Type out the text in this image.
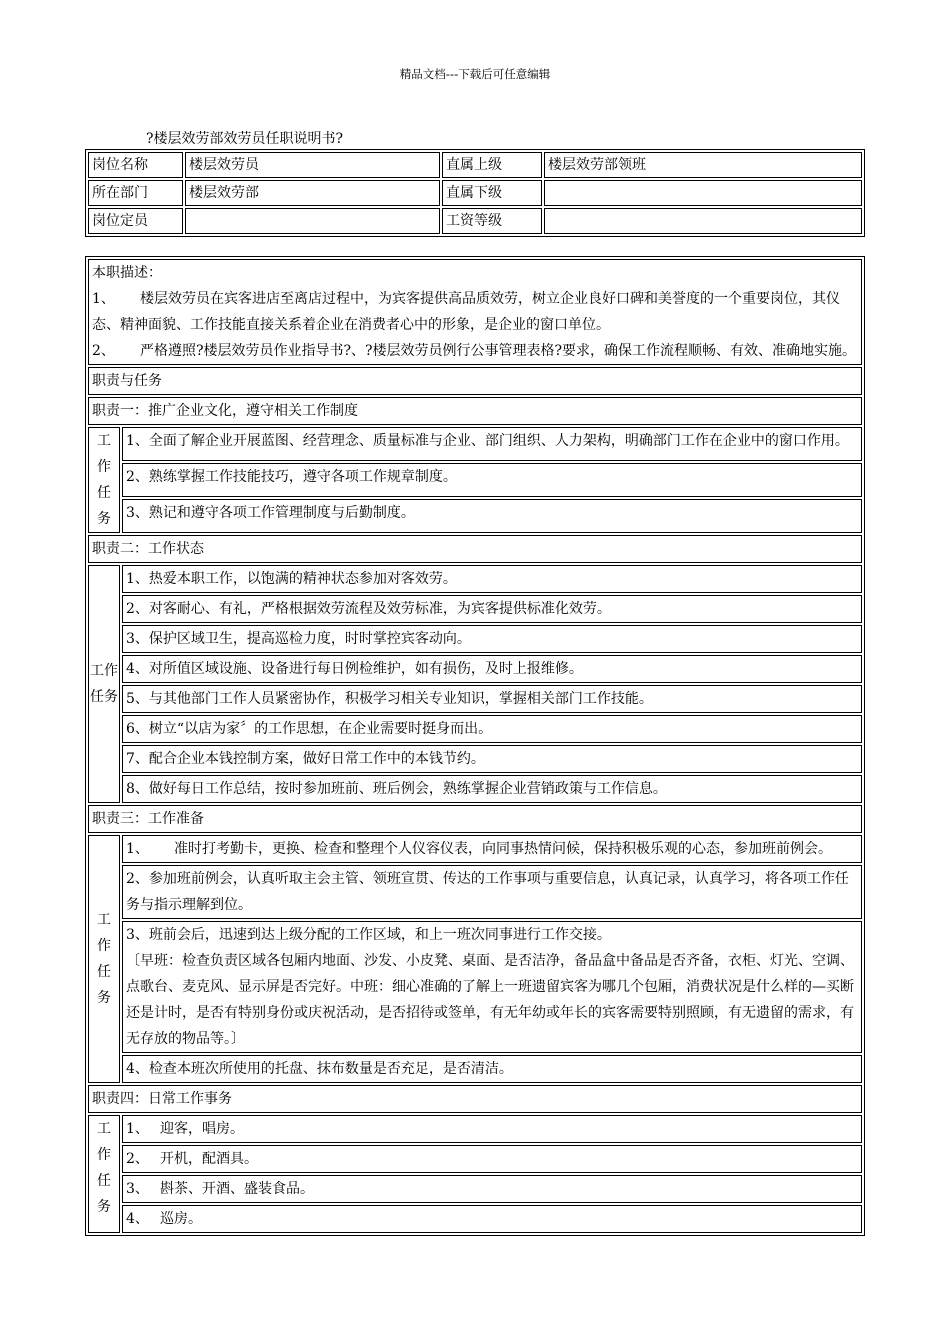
精品文档---下载后可任意编辑
?楼层效劳部效劳员任职说明书?
岗位名称	楼层效劳员	直属上级	楼层效劳部领班
所在部门	楼层效劳部	直属下级	
岗位定员		工资等级	
本职描述：
1、 楼层效劳员在宾客进店至离店过程中，为宾客提供高品质效劳，树立企业良好口碑和美誉度的一个重要岗位，其仪态、精神面貌、工作技能直接关系着企业在消费者心中的形象，是企业的窗口单位。
2、 严格遵照?楼层效劳员作业指导书?、?楼层效劳员例行公事管理表格?要求，确保工作流程顺畅、有效、准确地实施。	

职责与任务	
职责一：推广企业文化，遵守相关工作制度	

工作任务	1、全面了解企业开展蓝图、经营理念、质量标准与企业、部门组织、人力架构，明确部门工作在企业中的窗口作用。
	2、熟练掌握工作技能技巧，遵守各项工作规章制度。
	3、熟记和遵守各项工作管理制度与后勤制度。
职责二：工作状态	

工作任务	1、热爱本职工作，以饱满的精神状态参加对客效劳。
	2、对客耐心、有礼，严格根据效劳流程及效劳标准，为宾客提供标准化效劳。
	3、保护区域卫生，提高巡检力度，时时掌控宾客动向。
	4、对所值区域设施、设备进行每日例检维护，如有损伤，及时上报维修。
	5、与其他部门工作人员紧密协作，积极学习相关专业知识，掌握相关部门工作技能。
	6、树立“以店为家〞的工作思想，在企业需要时挺身而出。
	7、配合企业本钱控制方案，做好日常工作中的本钱节约。
	8、做好每日工作总结，按时参加班前、班后例会，熟练掌握企业营销政策与工作信息。
职责三：工作准备	

工作任务	1、 准时打考勤卡，更换、检查和整理个人仪容仪表，向同事热情问候，保持积极乐观的心态，参加班前例会。
	2、参加班前例会，认真听取主会主管、领班宣贯、传达的工作事项与重要信息，认真记录，认真学习，将各项工作任务与指示理解到位。

	3、班前会后，迅速到达上级分配的工作区域，和上一班次同事进行工作交接。
〔早班：检查负责区域各包厢内地面、沙发、小皮凳、桌面、是否洁净，备品盒中备品是否齐备，衣柜、灯光、空调、点歌台、麦克风、显示屏是否完好。中班：细心准确的了解上一班遗留宾客为哪几个包厢，消费状况是什么样的—买断还是计时，是否有特别身份或庆祝活动，是否招待或签单，有无年幼或年长的宾客需要特别照顾，有无遗留的需求，有无存放的物品等。〕

	4、检查本班次所使用的托盘、抹布数量是否充足，是否清洁。
职责四：日常工作事务	

工作任务	1、 迎客，唱房。
	2、 开机，配酒具。
	3、 斟茶、开酒、盛装食品。
	4、 巡房。
